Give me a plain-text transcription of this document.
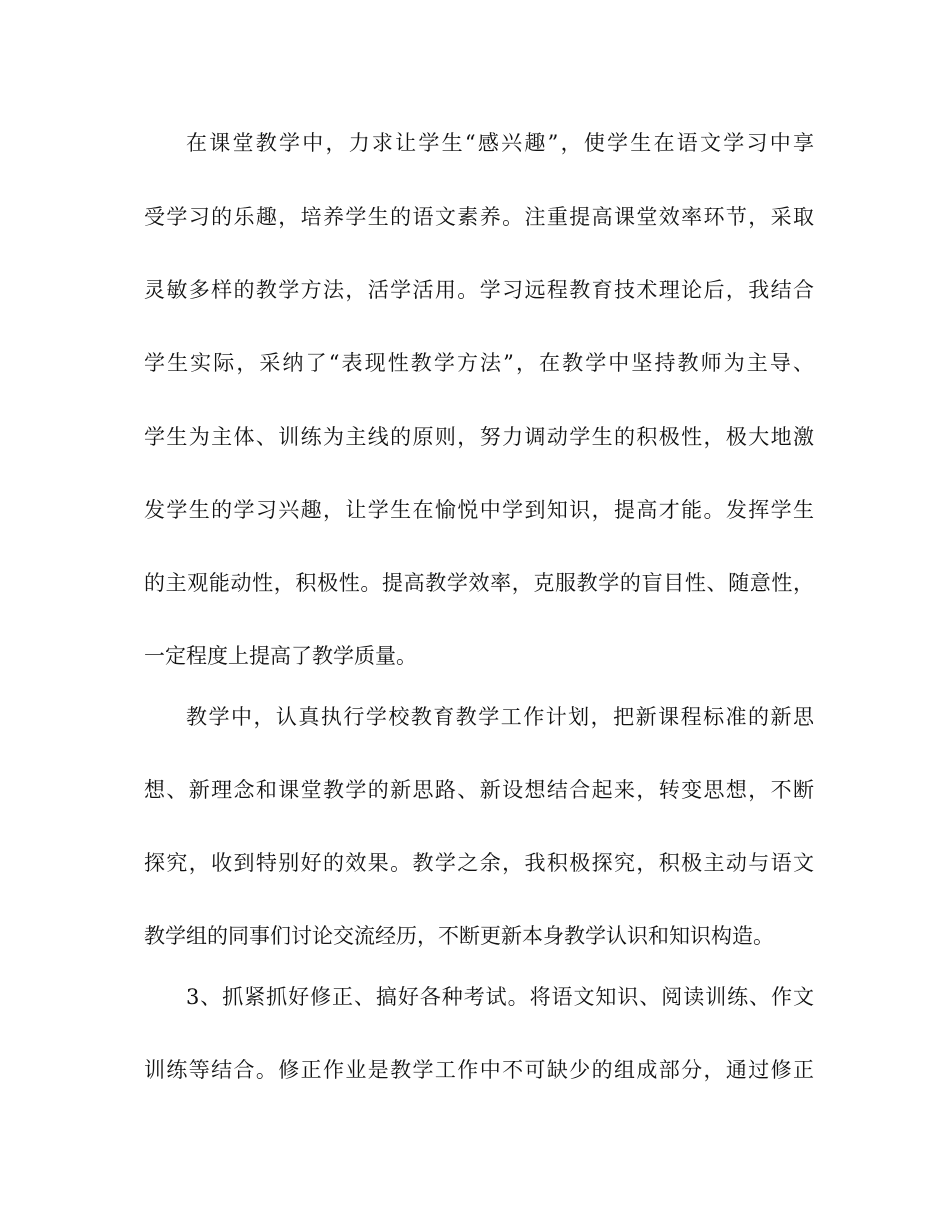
在课堂教学中，力求让学生“感兴趣”，使学生在语文学习中享
受学习的乐趣，培养学生的语文素养。注重提高课堂效率环节，采取
灵敏多样的教学方法，活学活用。学习远程教育技术理论后，我结合
学生实际，采纳了“表现性教学方法”，在教学中坚持教师为主导、
学生为主体、训练为主线的原则，努力调动学生的积极性，极大地激
发学生的学习兴趣，让学生在愉悦中学到知识，提高才能。发挥学生
的主观能动性，积极性。提高教学效率，克服教学的盲目性、随意性，
一定程度上提高了教学质量。
教学中，认真执行学校教育教学工作计划，把新课程标准的新思
想、新理念和课堂教学的新思路、新设想结合起来，转变思想，不断
探究，收到特别好的效果。教学之余，我积极探究，积极主动与语文
教学组的同事们讨论交流经历，不断更新本身教学认识和知识构造。
3、抓紧抓好修正、搞好各种考试。将语文知识、阅读训练、作文
训练等结合。修正作业是教学工作中不可缺少的组成部分，通过修正
